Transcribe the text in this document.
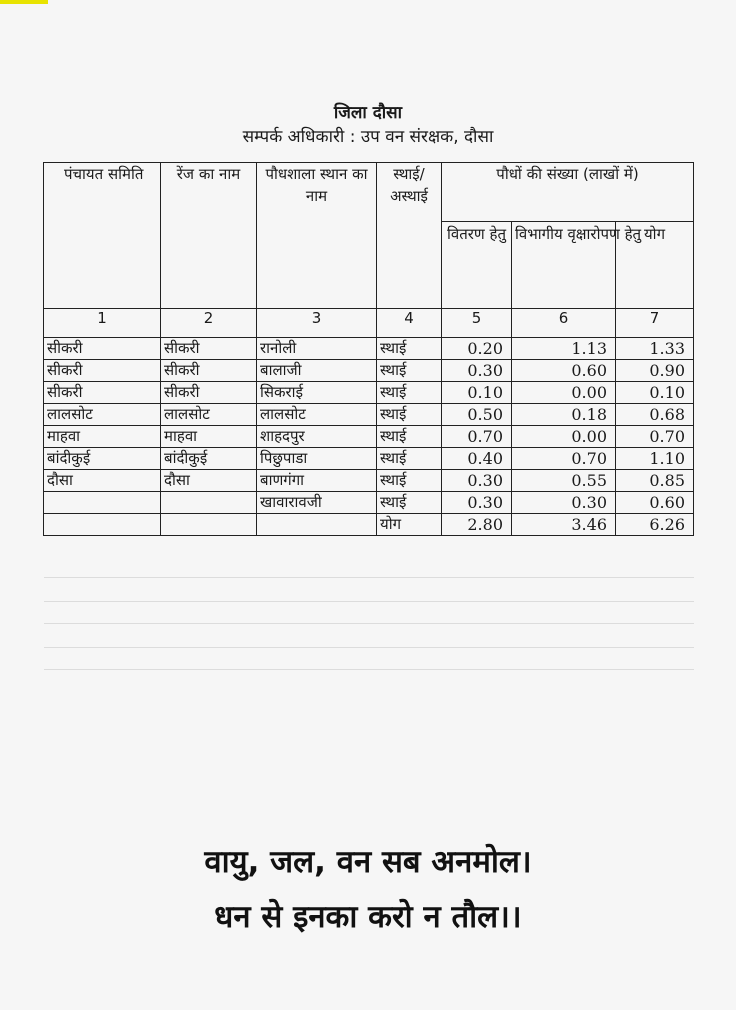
जिला दौसा
सम्पर्क अधिकारी : उप वन संरक्षक, दौसा
पंचायत समिति	रेंज का नाम	पौधशाला स्थान का नाम	स्थाई/ अस्थाई	पौधों की संख्या (लाखों में)		
				वितरण हेतु	विभागीय वृक्षारोपण हेतु	योग
1	2	3	4	5	6	7
सीकरी	सीकरी	रानोली	स्थाई	0.20	1.13	1.33
सीकरी	सीकरी	बालाजी	स्थाई	0.30	0.60	0.90
सीकरी	सीकरी	सिकराई	स्थाई	0.10	0.00	0.10
लालसोट	लालसोट	लालसोट	स्थाई	0.50	0.18	0.68
माहवा	माहवा	शाहदपुर	स्थाई	0.70	0.00	0.70
बांदीकुई	बांदीकुई	पिछुपाडा	स्थाई	0.40	0.70	1.10
दौसा	दौसा	बाणगंगा	स्थाई	0.30	0.55	0.85
		खावारावजी	स्थाई	0.30	0.30	0.60
			योग	2.80	3.46	6.26
वायु, जल, वन सब अनमोल।
धन से इनका करो न तौल।।
